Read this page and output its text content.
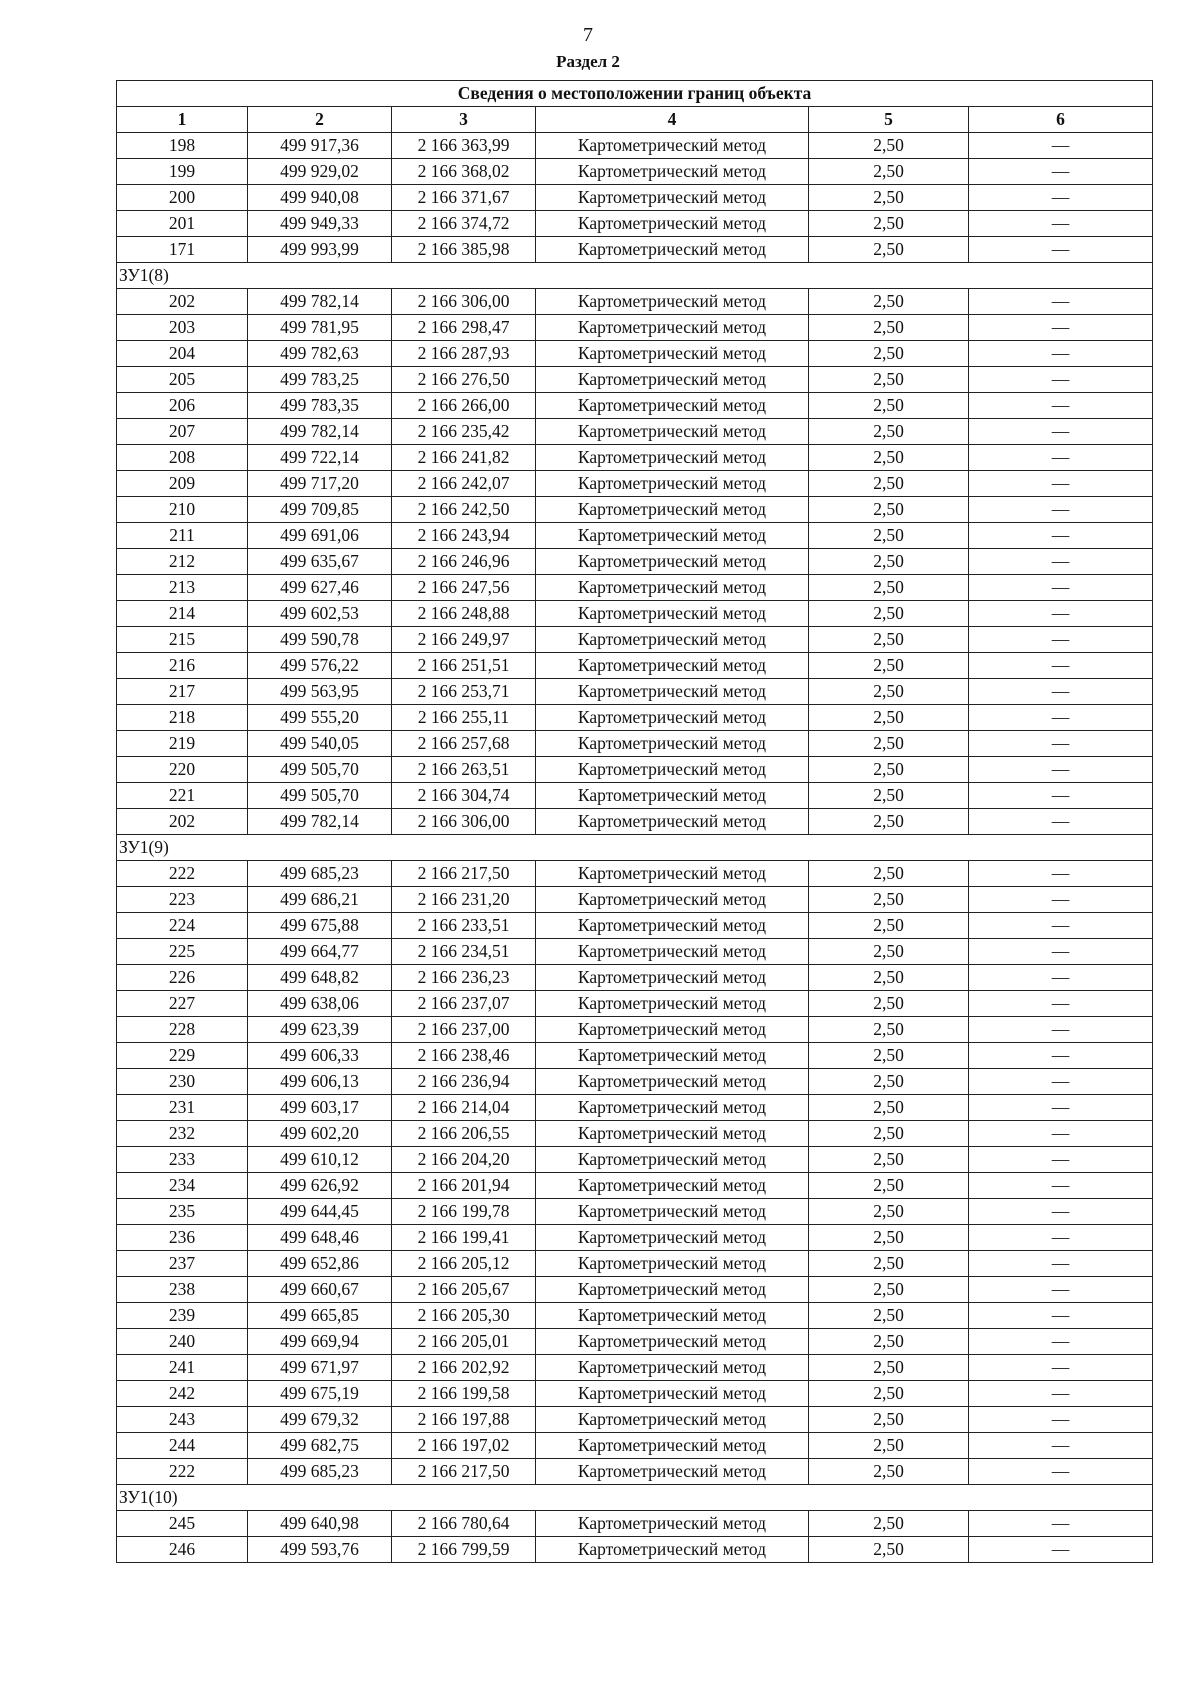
7
Раздел 2
Сведения о местоположении границ объекта					
1	2	3	4	5	6
198	499 917,36	2 166 363,99	Картометрический метод	2,50	—
199	499 929,02	2 166 368,02	Картометрический метод	2,50	—
200	499 940,08	2 166 371,67	Картометрический метод	2,50	—
201	499 949,33	2 166 374,72	Картометрический метод	2,50	—
171	499 993,99	2 166 385,98	Картометрический метод	2,50	—
ЗУ1(8)					
202	499 782,14	2 166 306,00	Картометрический метод	2,50	—
203	499 781,95	2 166 298,47	Картометрический метод	2,50	—
204	499 782,63	2 166 287,93	Картометрический метод	2,50	—
205	499 783,25	2 166 276,50	Картометрический метод	2,50	—
206	499 783,35	2 166 266,00	Картометрический метод	2,50	—
207	499 782,14	2 166 235,42	Картометрический метод	2,50	—
208	499 722,14	2 166 241,82	Картометрический метод	2,50	—
209	499 717,20	2 166 242,07	Картометрический метод	2,50	—
210	499 709,85	2 166 242,50	Картометрический метод	2,50	—
211	499 691,06	2 166 243,94	Картометрический метод	2,50	—
212	499 635,67	2 166 246,96	Картометрический метод	2,50	—
213	499 627,46	2 166 247,56	Картометрический метод	2,50	—
214	499 602,53	2 166 248,88	Картометрический метод	2,50	—
215	499 590,78	2 166 249,97	Картометрический метод	2,50	—
216	499 576,22	2 166 251,51	Картометрический метод	2,50	—
217	499 563,95	2 166 253,71	Картометрический метод	2,50	—
218	499 555,20	2 166 255,11	Картометрический метод	2,50	—
219	499 540,05	2 166 257,68	Картометрический метод	2,50	—
220	499 505,70	2 166 263,51	Картометрический метод	2,50	—
221	499 505,70	2 166 304,74	Картометрический метод	2,50	—
202	499 782,14	2 166 306,00	Картометрический метод	2,50	—
ЗУ1(9)					
222	499 685,23	2 166 217,50	Картометрический метод	2,50	—
223	499 686,21	2 166 231,20	Картометрический метод	2,50	—
224	499 675,88	2 166 233,51	Картометрический метод	2,50	—
225	499 664,77	2 166 234,51	Картометрический метод	2,50	—
226	499 648,82	2 166 236,23	Картометрический метод	2,50	—
227	499 638,06	2 166 237,07	Картометрический метод	2,50	—
228	499 623,39	2 166 237,00	Картометрический метод	2,50	—
229	499 606,33	2 166 238,46	Картометрический метод	2,50	—
230	499 606,13	2 166 236,94	Картометрический метод	2,50	—
231	499 603,17	2 166 214,04	Картометрический метод	2,50	—
232	499 602,20	2 166 206,55	Картометрический метод	2,50	—
233	499 610,12	2 166 204,20	Картометрический метод	2,50	—
234	499 626,92	2 166 201,94	Картометрический метод	2,50	—
235	499 644,45	2 166 199,78	Картометрический метод	2,50	—
236	499 648,46	2 166 199,41	Картометрический метод	2,50	—
237	499 652,86	2 166 205,12	Картометрический метод	2,50	—
238	499 660,67	2 166 205,67	Картометрический метод	2,50	—
239	499 665,85	2 166 205,30	Картометрический метод	2,50	—
240	499 669,94	2 166 205,01	Картометрический метод	2,50	—
241	499 671,97	2 166 202,92	Картометрический метод	2,50	—
242	499 675,19	2 166 199,58	Картометрический метод	2,50	—
243	499 679,32	2 166 197,88	Картометрический метод	2,50	—
244	499 682,75	2 166 197,02	Картометрический метод	2,50	—
222	499 685,23	2 166 217,50	Картометрический метод	2,50	—
ЗУ1(10)					
245	499 640,98	2 166 780,64	Картометрический метод	2,50	—
246	499 593,76	2 166 799,59	Картометрический метод	2,50	—
